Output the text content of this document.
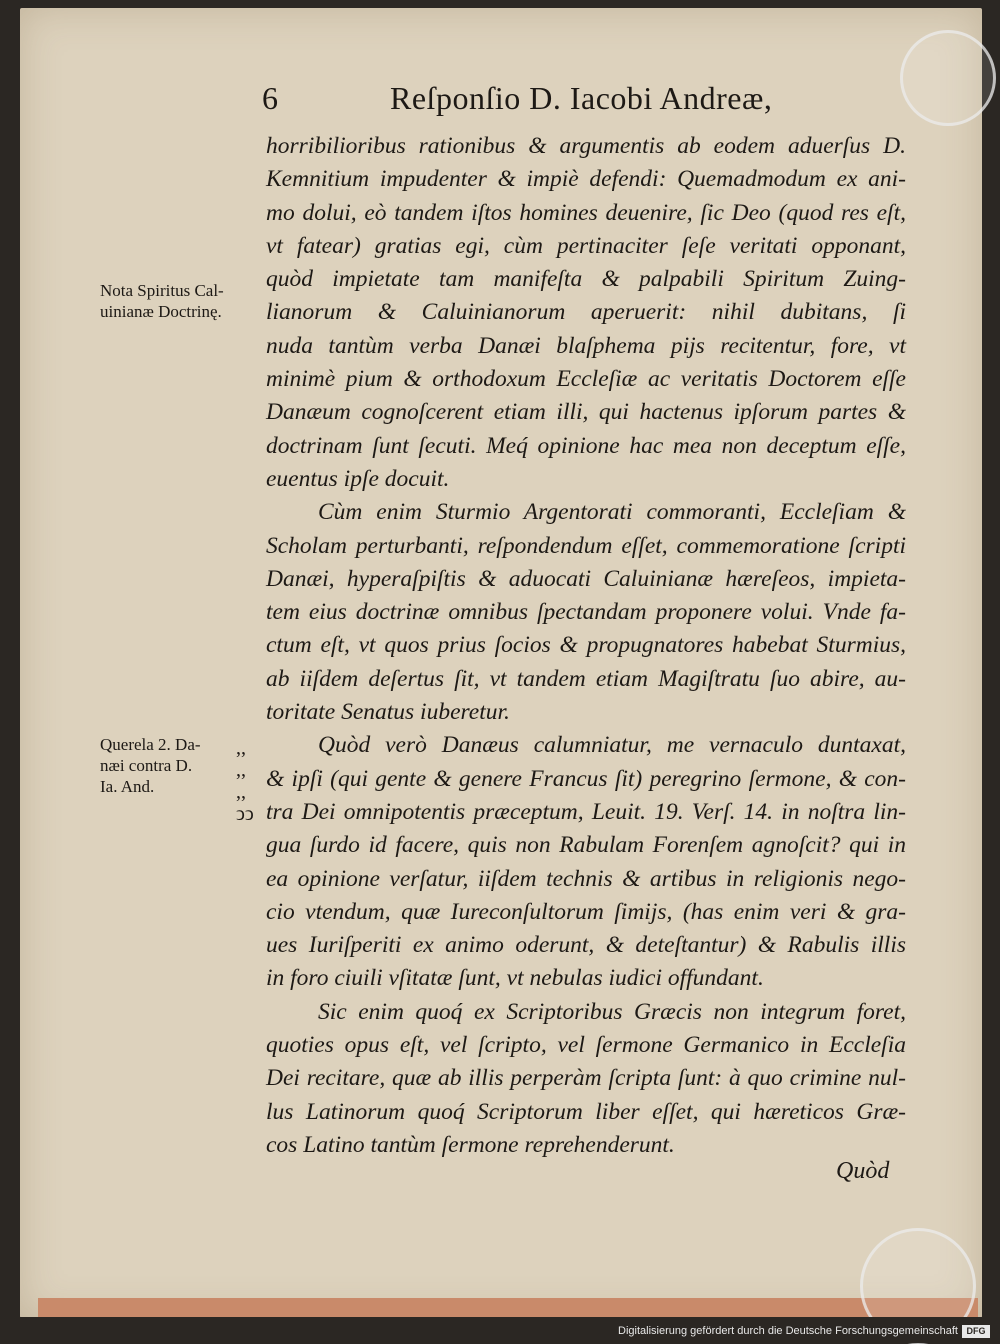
6	Reſponſio D. Iacobi Andreæ,
Nota Spiritus Cal-
uinianæ Doctrinę.
Querela 2. Da-
næi contra D.
Ia. And.
,,
,,
,,
ͻͻ
horribilioribus rationibus & argumentis ab eodem aduerſus D.
Kemnitium impudenter & impiè defendi: Quemadmodum ex ani-
mo dolui, eò tandem iſtos homines deuenire, ſic Deo (quod res eſt,
vt fatear) gratias egi, cùm pertinaciter ſeſe veritati opponant,
quòd impietate tam manifeſta & palpabili Spiritum Zuing-
lianorum & Caluinianorum aperuerit: nihil dubitans, ſi
nuda tantùm verba Danæi blaſphema pijs recitentur, fore, vt
minimè pium & orthodoxum Eccleſiæ ac veritatis Doctorem eſſe
Danæum cognoſcerent etiam illi, qui hactenus ipſorum partes &
doctrinam ſunt ſecuti. Meq́ opinione hac mea non deceptum eſſe,
euentus ipſe docuit.
Cùm enim Sturmio Argentorati commoranti, Eccleſiam &
Scholam perturbanti, reſpondendum eſſet, commemoratione ſcripti
Danæi, hyperaſpiſtis & aduocati Caluinianæ hæreſeos, impieta-
tem eius doctrinæ omnibus ſpectandam proponere volui. Vnde fa-
ctum eſt, vt quos prius ſocios & propugnatores habebat Sturmius,
ab iiſdem deſertus ſit, vt tandem etiam Magiſtratu ſuo abire, au-
toritate Senatus iuberetur.
Quòd verò Danæus calumniatur, me vernaculo duntaxat,
& ipſi (qui gente & genere Francus ſit) peregrino ſermone, & con-
tra Dei omnipotentis præceptum, Leuit. 19. Verſ. 14. in noſtra lin-
gua ſurdo id facere, quis non Rabulam Forenſem agnoſcit? qui in
ea opinione verſatur, iiſdem technis & artibus in religionis nego-
cio vtendum, quæ Iureconſultorum ſimijs, (has enim veri & gra-
ues Iuriſperiti ex animo oderunt, & deteſtantur) & Rabulis illis
in foro ciuili vſitatæ ſunt, vt nebulas iudici offundant.
Sic enim quoq́ ex Scriptoribus Græcis non integrum foret,
quoties opus eſt, vel ſcripto, vel ſermone Germanico in Eccleſia
Dei recitare, quæ ab illis perperàm ſcripta ſunt: à quo crimine nul-
lus Latinorum quoq́ Scriptorum liber eſſet, qui hæreticos Græ-
cos Latino tantùm ſermone reprehenderunt.
Quòd
Digitalisierung gefördert durch die Deutsche Forschungsgemeinschaft DFG
